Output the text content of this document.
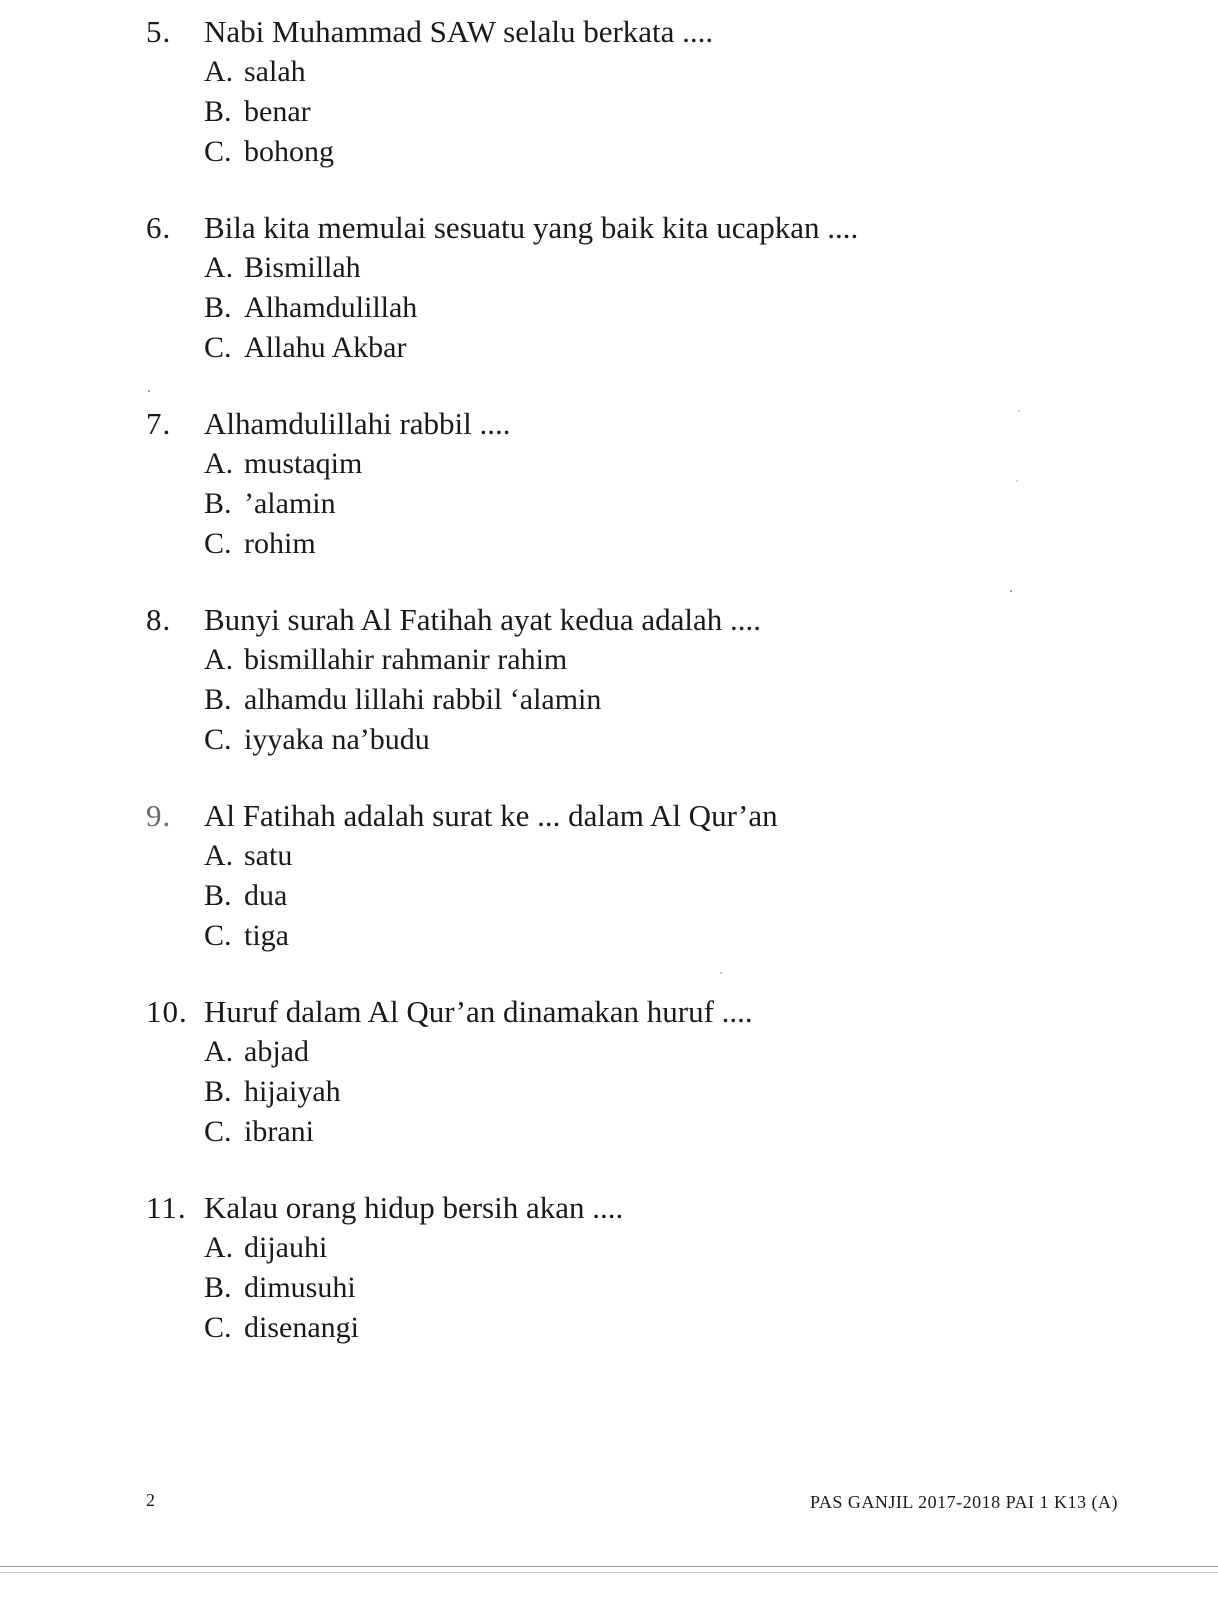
5. Nabi Muhammad SAW selalu berkata ....
A. salah
B. benar
C. bohong
6. Bila kita memulai sesuatu yang baik kita ucapkan ....
A. Bismillah
B. Alhamdulillah
C. Allahu Akbar
7. Alhamdulillahi rabbil ....
A. mustaqim
B. ’alamin
C. rohim
8. Bunyi surah Al Fatihah ayat kedua adalah ....
A. bismillahir rahmanir rahim
B. alhamdu lillahi rabbil ‘alamin
C. iyyaka na’budu
9. Al Fatihah adalah surat ke ... dalam Al Qur’an
A. satu
B. dua
C. tiga
10. Huruf dalam Al Qur’an dinamakan huruf ....
A. abjad
B. hijaiyah
C. ibrani
11. Kalau orang hidup bersih akan ....
A. dijauhi
B. dimusuhi
C. disenangi
2	PAS GANJIL 2017-2018 PAI 1 K13 (A)
